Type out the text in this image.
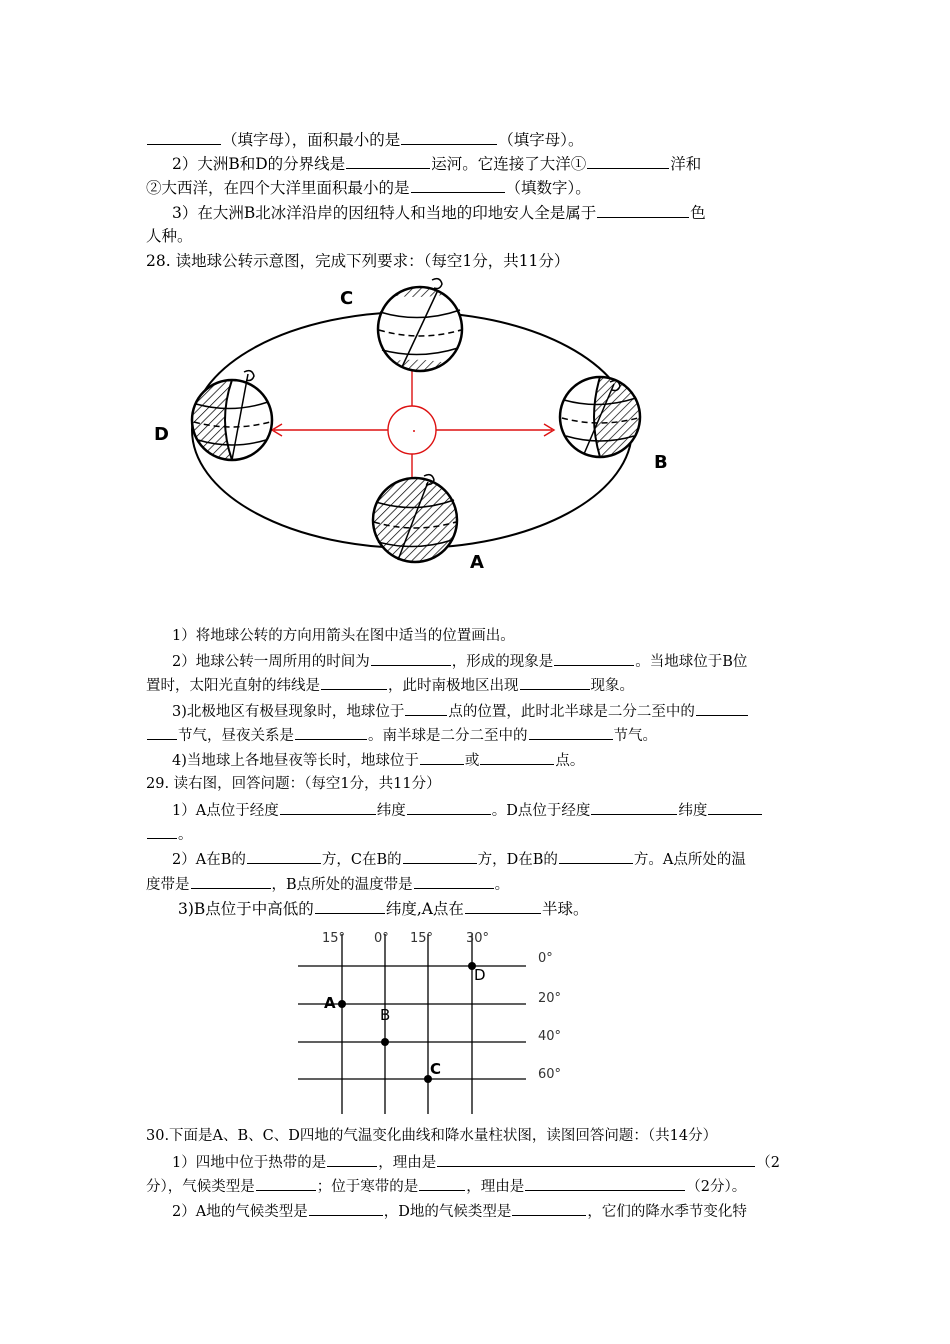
（填字母），面积最小的是	（填字母）。
2）大洲B和D的分界线是	运河。它连接了大洋①	洋和
②大西洋，在四个大洋里面积最小的是	（填数字）。
3）在大洲B北冰洋沿岸的因纽特人和当地的印地安人全是属于	色
人种。
28. 读地球公转示意图，完成下列要求：（每空1分，共11分）
C
D
B
A
1）将地球公转的方向用箭头在图中适当的位置画出。
2）地球公转一周所用的时间为	，形成的现象是	。当地球位于B位
置时，太阳光直射的纬线是	，此时南极地区出现	现象。
3)北极地区有极昼现象时，地球位于	点的位置，此时北半球是二分二至中的
节气，昼夜关系是	。南半球是二分二至中的	节气。
4)当地球上各地昼夜等长时，地球位于	或	点。
29. 读右图，回答问题：（每空1分，共11分）
1）A点位于经度	纬度	。D点位于经度	纬度
。
2）A在B的	方，C在B的	方，D在B的	方。A点所处的温
度带是	，B点所处的温度带是	。
3)B点位于中高低的	纬度,A点在	半球。
15° 0° 15°	30°
0°
20°
40°
60°
A
B
C
D
30.下面是A、B、C、D四地的气温变化曲线和降水量柱状图，读图回答问题：（共14分）
1）四地中位于热带的是	，理由是	（2
分），气候类型是	；位于寒带的是	，理由是	（2分）。
2）A地的气候类型是	，D地的气候类型是	，它们的降水季节变化特
